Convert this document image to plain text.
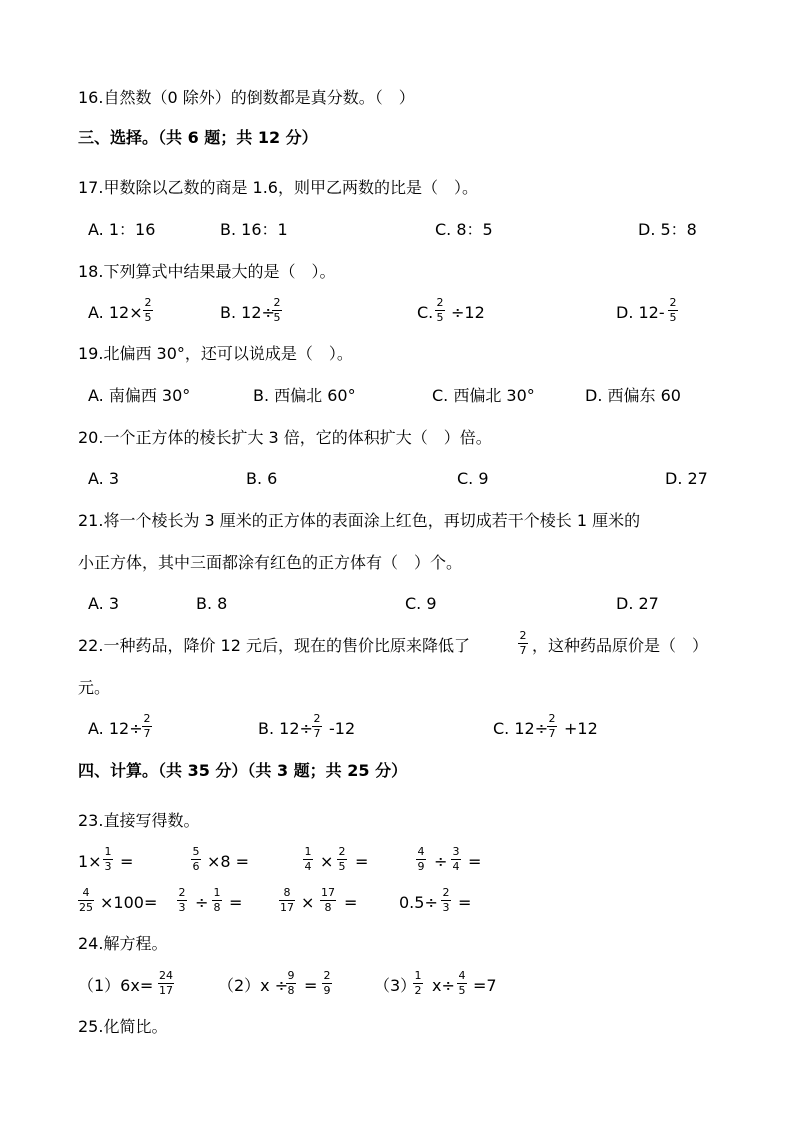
16.自然数（0 除外）的倒数都是真分数。（　）
三、选择。（共 6 题；共 12 分）
17.甲数除以乙数的商是 1.6，则甲乙两数的比是（　）。
A. 1：16	B. 16：1	C. 8：5	D. 5：8
18.下列算式中结果最大的是（　）。
A. 12×
2
5	B. 12÷
2
5	C.
2
5 ÷12	D. 12-
2
5
19.北偏西 30°，还可以说成是（　）。
A. 南偏西 30°	B. 西偏北 60°	C. 西偏北 30°	D. 西偏东 60
20.一个正方体的棱长扩大 3 倍，它的体积扩大（　）倍。
A. 3	B. 6	C. 9	D. 27
21.将一个棱长为 3 厘米的正方体的表面涂上红色，再切成若干个棱长 1 厘米的
小正方体，其中三面都涂有红色的正方体有（　）个。
A. 3	B. 8	C. 9	D. 27
22.一种药品，降价 12 元后，现在的售价比原来降低了
2
7 ，这种药品原价是（　）
元。
A. 12÷
2
7	B. 12÷
2
7 -12	C. 12÷
2
7 +12
四、计算。（共 35 分）（共 3 题；共 25 分）
23.直接写得数。
1×
1
3 =
5
6 ×8 =
1
4 ×
2
5 =
4
9 ÷
3
4 =
4
25 ×100=
2
3 ÷
1
8 =
8
17 ×
17
8 =	0.5÷
2
3 =
24.解方程。
（1）6x=
24
17	（2）x ÷
9
8 =
2
9	（3）
1
2 x÷
4
5 =7
25.化简比。
